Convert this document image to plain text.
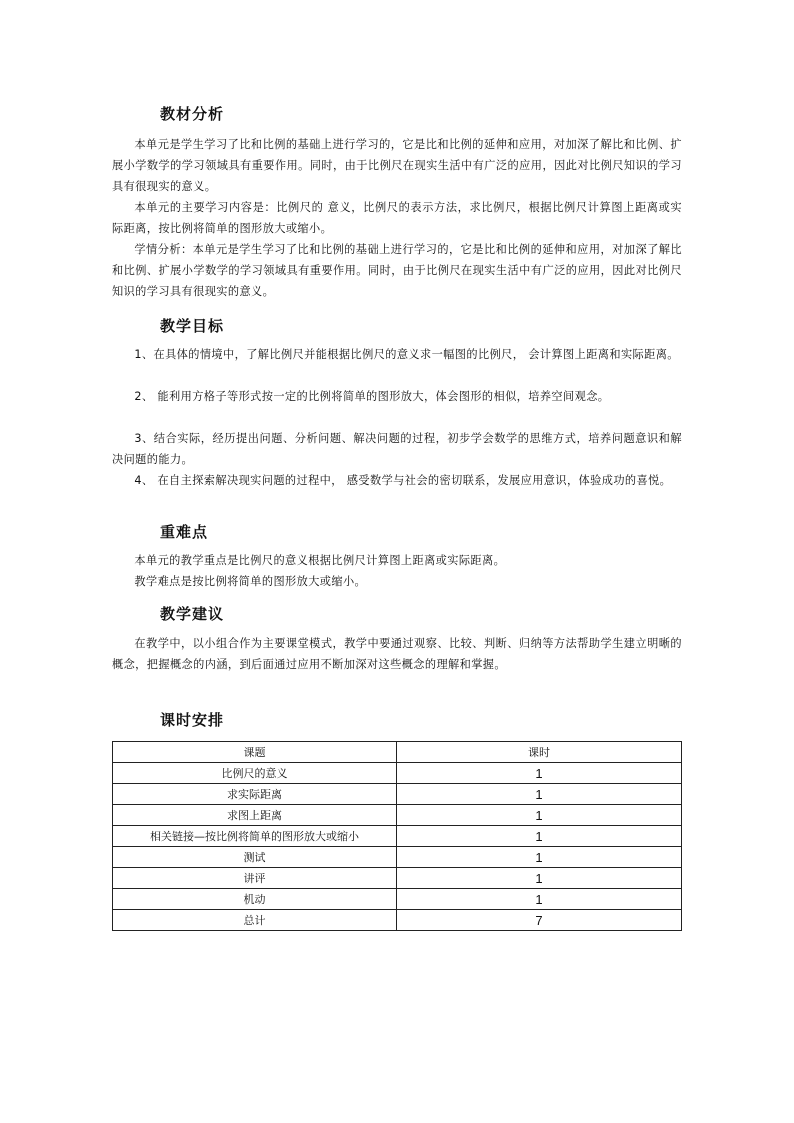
教材分析

本单元是学生学习了比和比例的基础上进行学习的，它是比和比例的延伸和应用，对加深了解比和比例、扩展小学数学的学习领域具有重要作用。同时，由于比例尺在现实生活中有广泛的应用，因此对比例尺知识的学习具有很现实的意义。

本单元的主要学习内容是：比例尺的 意义，比例尺的表示方法，求比例尺，根据比例尺计算图上距离或实际距离，按比例将简单的图形放大或缩小。

学情分析：本单元是学生学习了比和比例的基础上进行学习的，它是比和比例的延伸和应用，对加深了解比和比例、扩展小学数学的学习领域具有重要作用。同时，由于比例尺在现实生活中有广泛的应用，因此对比例尺知识的学习具有很现实的意义。

教学目标

1、在具体的情境中，了解比例尺并能根据比例尺的意义求一幅图的比例尺， 会计算图上距离和实际距离。

2、 能利用方格子等形式按一定的比例将简单的图形放大，体会图形的相似，培养空间观念。

3、结合实际，经历提出问题、分析问题、解决问题的过程，初步学会数学的思维方式，培养问题意识和解决问题的能力。

4、 在自主探索解决现实问题的过程中， 感受数学与社会的密切联系，发展应用意识，体验成功的喜悦。

重难点

本单元的教学重点是比例尺的意义根据比例尺计算图上距离或实际距离。

教学难点是按比例将简单的图形放大或缩小。

教学建议

在教学中，以小组合作为主要课堂模式，教学中要通过观察、比较、判断、归纳等方法帮助学生建立明晰的概念，把握概念的内涵，到后面通过应用不断加深对这些概念的理解和掌握。

课时安排
课题	课时
比例尺的意义	1
求实际距离	1
求图上距离	1
相关链接—按比例将简单的图形放大或缩小	1
测试	1
讲评	1
机动	1
总计	7
